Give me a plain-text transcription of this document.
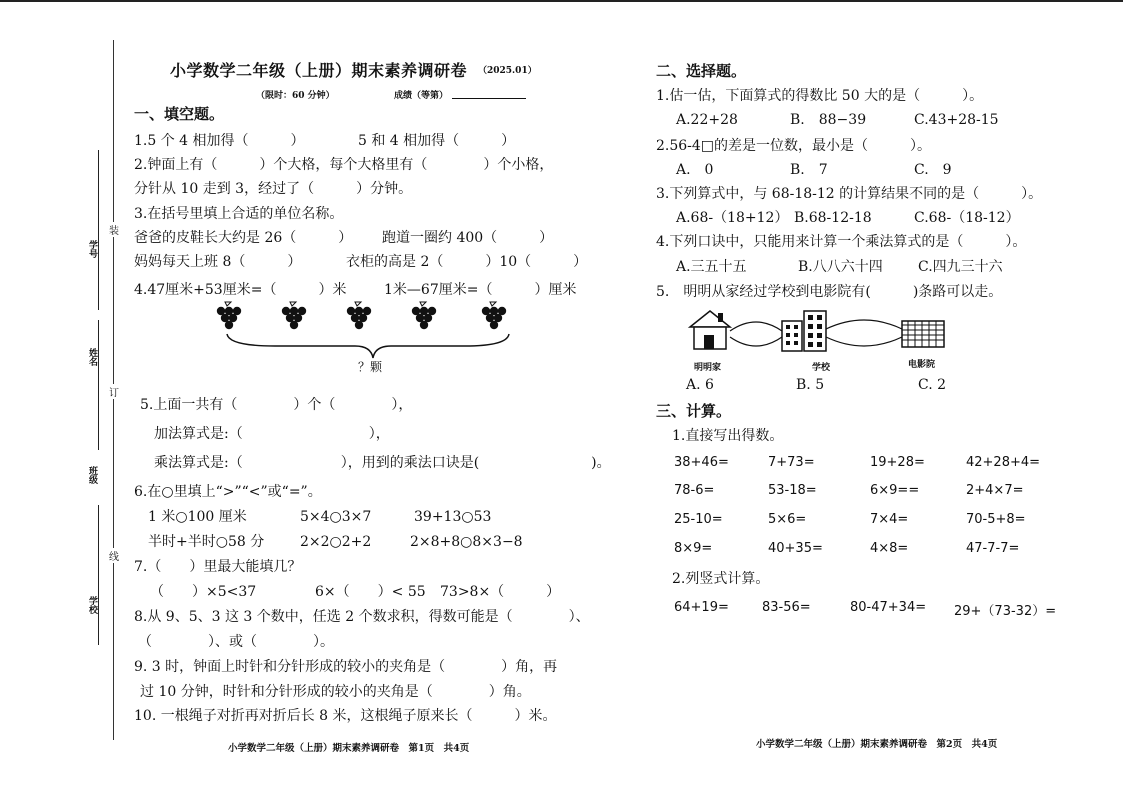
学号
姓名
班级
学校
装
订
线
小学数学二年级（上册）期末素养调研卷 （2025.01）
（限时：60 分钟）	成绩（等第）
一、填空题。
1.5 个 4 相加得（　　　）	5 和 4 相加得（　　　）
2.钟面上有（　　　）个大格，每个大格里有（　　　　）个小格，
分针从 10 走到 3，经过了（　　　）分钟。
3.在括号里填上合适的单位名称。
爸爸的皮鞋长大约是 26（　　　） 跑道一圈约 400（　　　）
妈妈每天上班 8（　　　）	衣柜的高是 2（　　　）10（　　　）
4.47厘米+53厘米=（　　　）米	1米—67厘米=（　　　）厘米
？颗
5.上面一共有（　　　　）个（　　　　），
加法算式是:（　　　　　　　　　），
乘法算式是:（　　　　　　　），用到的乘法口诀是(　　　　　　　　)。
6.在○里填上“>”“<”或“=”。
1 米○100 厘米	5×4○3×7	39+13○53
半时+半时○58 分	2×2○2+2	2×8+8○8×3−8
7.（　　）里最大能填几？
（　　）×5<37	6×（　　）< 55 73>8×（　　　）
8.从 9、5、3 这 3 个数中，任选 2 个数求积，得数可能是（　　　　）、
（　　　　）、或（　　　　）。
9. 3 时，钟面上时针和分针形成的较小的夹角是（　　　　）角，再
过 10 分钟，时针和分针形成的较小的夹角是（　　　　）角。
10. 一根绳子对折再对折后长 8 米，这根绳子原来长（　　　）米。
小学数学二年级（上册）期末素养调研卷　第1页　共4页
二、选择题。
1.估一估，下面算式的得数比 50 大的是（　　　）。
A.22+28	B.　88−39	C.43+28-15
2.56-4□的差是一位数，最小是（　　　）。
A.　0	B.　7	C.　9
3.下列算式中，与 68-18-12 的计算结果不同的是（　　　）。
A.68-（18+12） B.68-12-18	C.68-（18-12）
4.下列口诀中，只能用来计算一个乘法算式的是（　　　）。
A.三五十五	B.八八六十四	C.四九三十六
5.　明明从家经过学校到电影院有(　　　)条路可以走。
明明家	学校	电影院
A. 6	B. 5	C. 2
三、计算。
1.直接写出得数。
38+46=	7+73=	19+28=	42+28+4=
78-6=	53-18=	6×9==	2+4×7=
25-10=	5×6=	7×4=	70-5+8=
8×9=	40+35=	4×8=	47-7-7=
2.列竖式计算。
64+19=	83-56=	80-47+34= 29+（73-32）=
小学数学二年级（上册）期末素养调研卷　第2页　共4页
